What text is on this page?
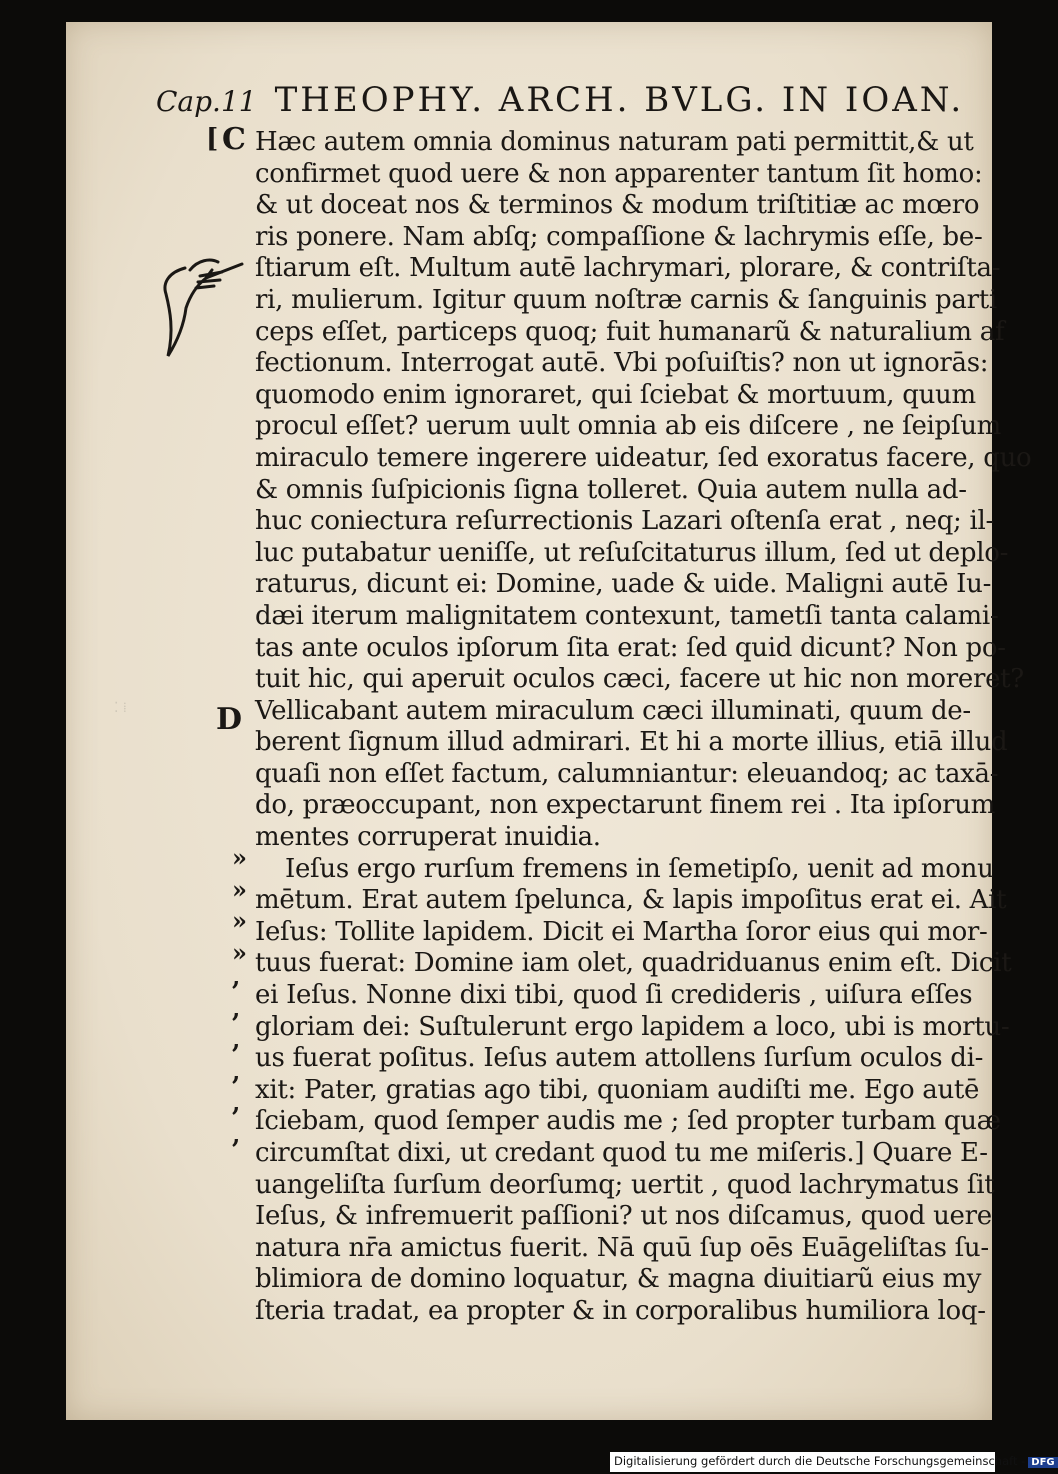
Cap.11 THEOPHY. ARCH. BVLG. IN IOAN.
[ C
D
⁚ ⁞
Hæc autem omnia dominus naturam pati permittit,& ut
confirmet quod uere & non apparenter tantum ſit homo:
& ut doceat nos & terminos & modum triſtitiæ ac mœro
ris ponere. Nam abſq; compaſſione & lachrymis eſſe, be-
ſtiarum eſt. Multum autē lachrymari, plorare, & contriſta-
ri, mulierum. Igitur quum noſtræ carnis & ſanguinis parti
ceps eſſet, particeps quoq; fuit humanarũ & naturalium af
fectionum. Interrogat autē. Vbi poſuiſtis? non ut ignorās:
quomodo enim ignoraret, qui ſciebat & mortuum, quum
procul eſſet? uerum uult omnia ab eis diſcere , ne ſeipſum
miraculo temere ingerere uideatur, ſed exoratus facere, quo
& omnis ſuſpicionis ſigna tolleret. Quia autem nulla ad-
huc coniectura reſurrectionis Lazari oſtenſa erat , neq; il-
luc putabatur ueniſſe, ut reſuſcitaturus illum, ſed ut deplo-
raturus, dicunt ei: Domine, uade & uide. Maligni autē Iu-
dæi iterum malignitatem contexunt, tametſi tanta calami-
tas ante oculos ipſorum ſita erat: ſed quid dicunt? Non po-
tuit hic, qui aperuit oculos cæci, facere ut hic non moreret?
Vellicabant autem miraculum cæci illuminati, quum de-
berent ſignum illud admirari. Et hi a morte illius, etiā illud
quaſi non eſſet factum, calumniantur: eleuandoq; ac taxā-
do, præoccupant, non expectarunt finem rei . Ita ipſorum
mentes corruperat inuidia.
Ieſus ergo rurſum fremens in ſemetipſo, uenit ad monu
mētum. Erat autem ſpelunca, & lapis impoſitus erat ei. Ait
Ieſus: Tollite lapidem. Dicit ei Martha ſoror eius qui mor-
tuus fuerat: Domine iam olet, quadriduanus enim eſt. Dicit
ei Ieſus. Nonne dixi tibi, quod ſi credideris , uiſura eſſes
gloriam dei: Suſtulerunt ergo lapidem a loco, ubi is mortu-
us fuerat poſitus. Ieſus autem attollens ſurſum oculos di-
xit: Pater, gratias ago tibi, quoniam audiſti me. Ego autē
ſciebam, quod ſemper audis me ; ſed propter turbam quæ
circumſtat dixi, ut credant quod tu me miſeris.] Quare E-
uangeliſta ſurſum deorſumq; uertit , quod lachrymatus ſit
Ieſus, & infremuerit paſſioni? ut nos diſcamus, quod uere
natura nr̄a amictus fuerit. Nā quū ſup oēs Euāgeliſtas ſu-
blimiora de domino loquatur, & magna diuitiarũ eius my
ſteria tradat, ea propter & in corporalibus humiliora loq-
»
»
»
»
,
,
,
,
,
,
Digitalisierung gefördert durch die Deutsche Forschungsgemeinschaft - DFG
